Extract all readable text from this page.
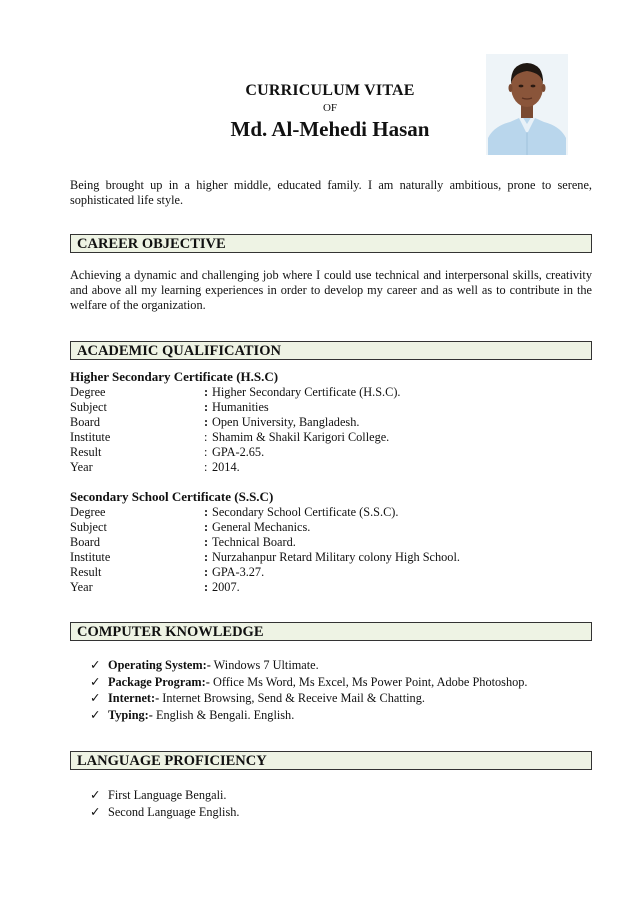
CURRICULUM VITAE
OF
Md. Al-Mehedi Hasan
Being brought up in a higher middle, educated family. I am naturally ambitious, prone to serene, sophisticated life style.
CAREER OBJECTIVE
Achieving a dynamic and challenging job where I could use technical and interpersonal skills, creativity and above all my learning experiences in order to develop my career and as well as to contribute in the welfare of the organization.
ACADEMIC QUALIFICATION
Higher Secondary Certificate (H.S.C)
Degree	: Higher Secondary Certificate (H.S.C).
Subject	: Humanities
Board	: Open University, Bangladesh.
Institute	: Shamim & Shakil Karigori College.
Result	: GPA-2.65.
Year	: 2014.
Secondary School Certificate (S.S.C)
Degree	: Secondary School Certificate (S.S.C).
Subject	: General Mechanics.
Board	: Technical Board.
Institute	: Nurzahanpur Retard Military colony High School.
Result	: GPA-3.27.
Year	: 2007.
COMPUTER KNOWLEDGE
✓ Operating System:- Windows 7 Ultimate.
✓ Package Program:- Office Ms Word, Ms Excel, Ms Power Point, Adobe Photoshop.
✓ Internet:- Internet Browsing, Send & Receive Mail & Chatting.
✓ Typing:- English & Bengali. English.
LANGUAGE PROFICIENCY
✓ First Language Bengali.
✓ Second Language English.
